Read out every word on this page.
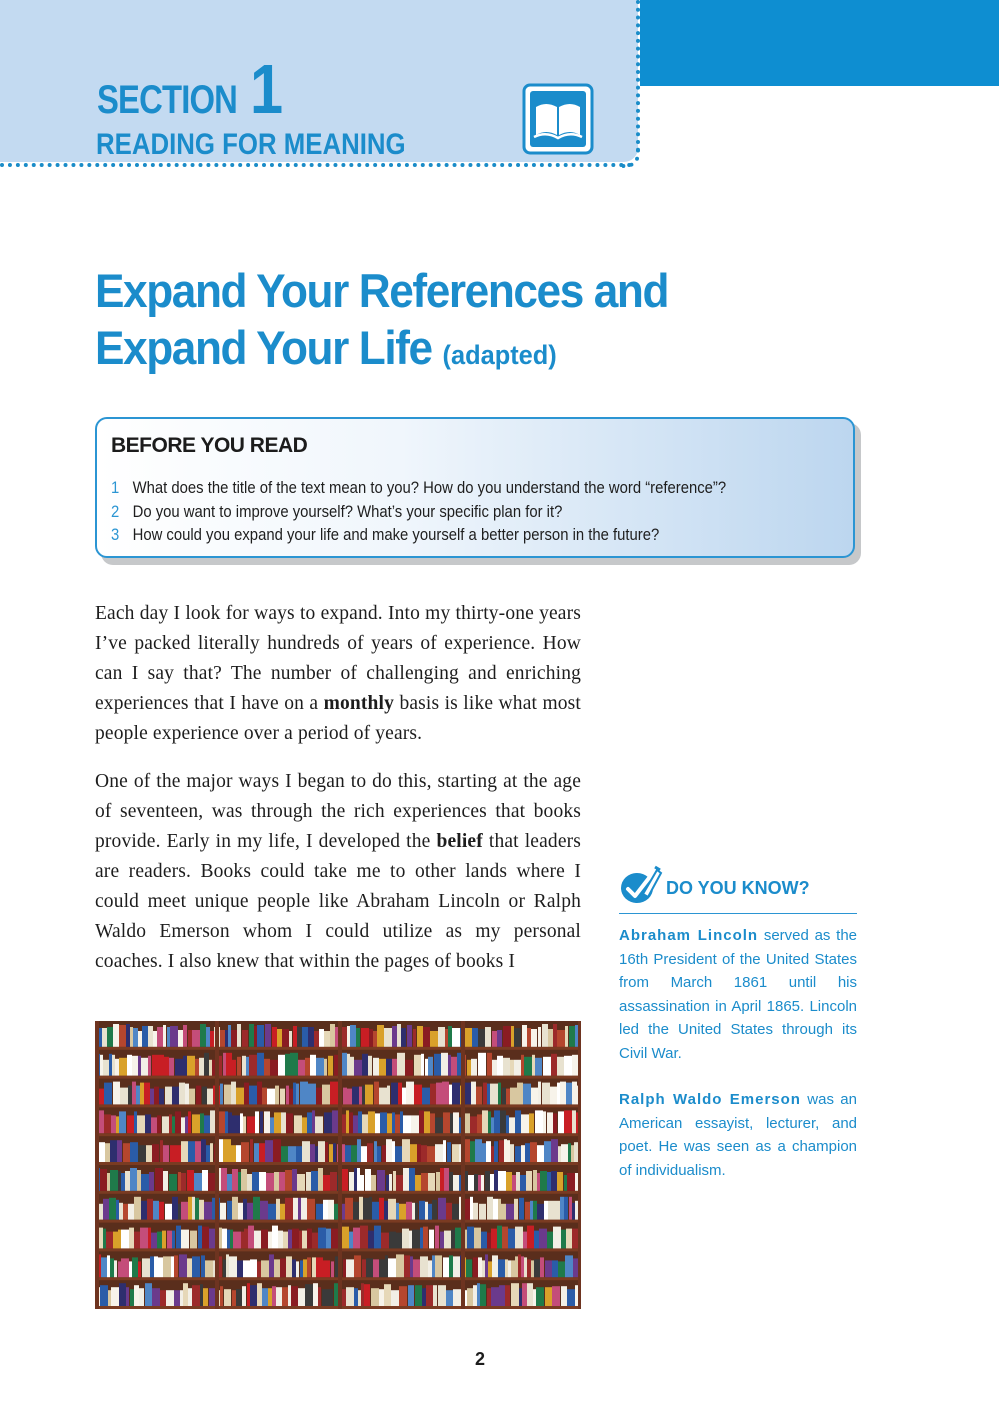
SECTION 1
READING FOR MEANING
Expand Your References and
Expand Your Life (adapted)
BEFORE YOU READ
1 What does the title of the text mean to you? How do you understand the word “reference”?
2 Do you want to improve yourself? What’s your specific plan for it?
3 How could you expand your life and make yourself a better person in the future?

Each day I look for ways to expand. Into my thirty-one years I’ve packed literally hundreds of years of experience. How can I say that? The number of challenging and enriching experiences that I have on a monthly basis is like what most people experience over a period of years.

One of the major ways I began to do this, starting at the age of seventeen, was through the rich experiences that books provide. Early in my life, I developed the belief that leaders are readers. Books could take me to other lands where I could meet unique people like Abraham Lincoln or Ralph Waldo Emerson whom I could utilize as my personal coaches. I also knew that within the pages of books I

DO YOU KNOW?

Abraham Lincoln served as the 16th President of the United States from March 1861 until his assassination in April 1865. Lincoln led the United States through its Civil War.

Ralph Waldo Emerson was an American essayist, lecturer, and poet. He was seen as a champion of individualism.

2
